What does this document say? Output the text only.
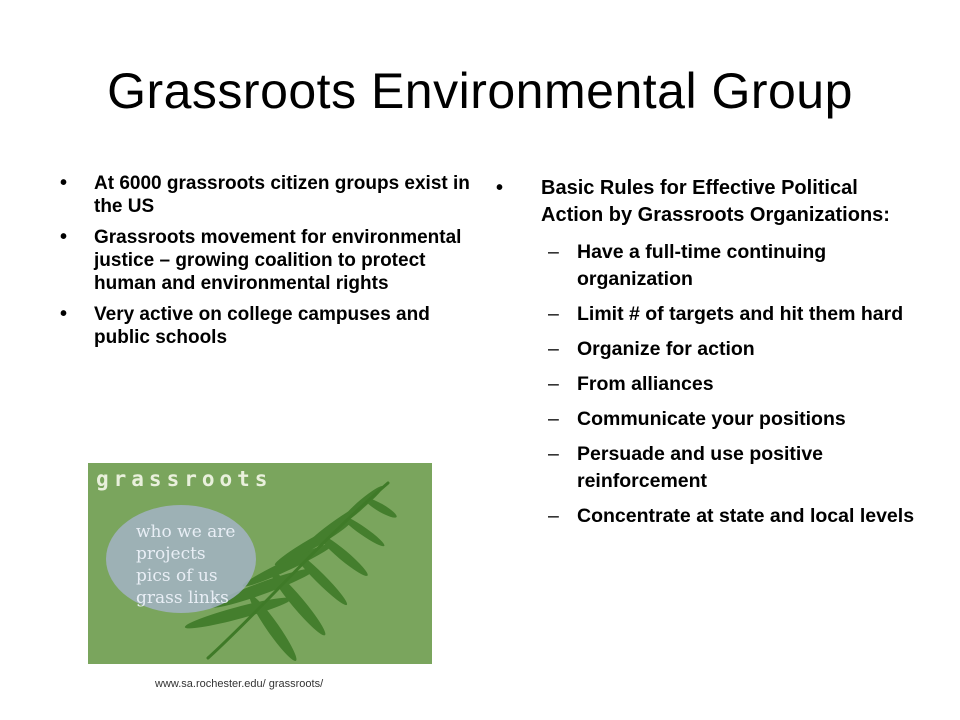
Grassroots Environmental Group
• At 6000 grassroots citizen groups exist in the US
• Grassroots movement for environmental justice – growing coalition to protect human and environmental rights
• Very active on college campuses and public schools
• Basic Rules for Effective Political Action by Grassroots Organizations:
– Have a full-time continuing organization
– Limit # of targets and hit them hard
– Organize for action
– From alliances
– Communicate your positions
– Persuade and use positive reinforcement
– Concentrate at state and local levels
grassroots
who we are
projects
pics of us
grass links
www.sa.rochester.edu/ grassroots/
